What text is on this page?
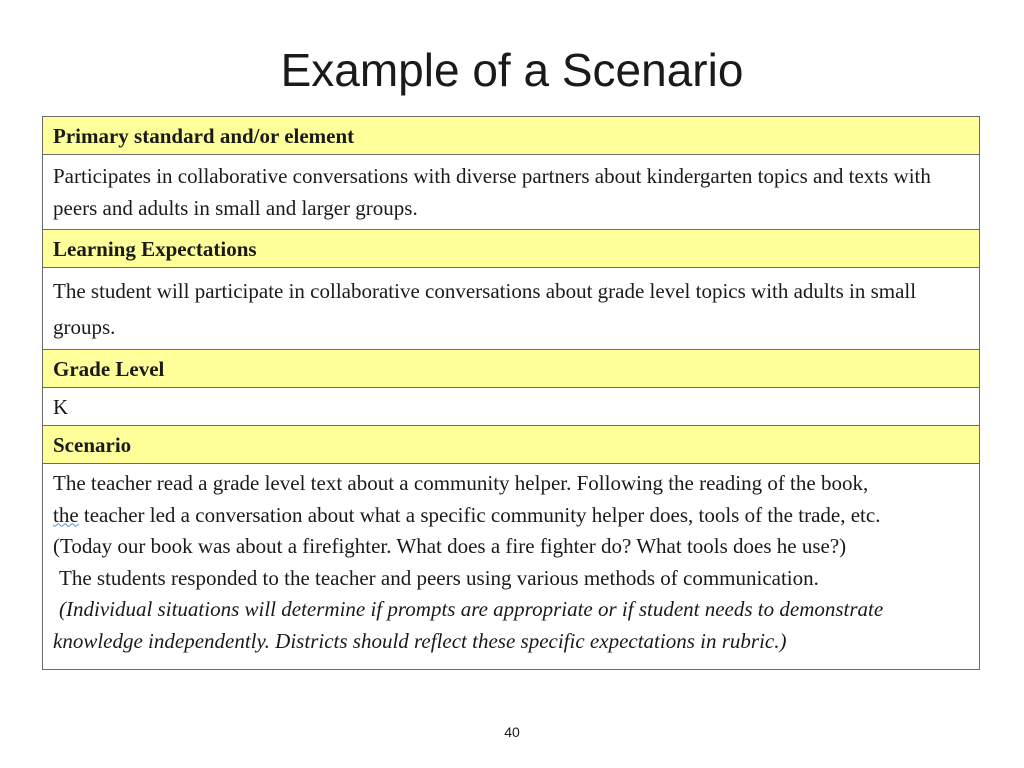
Example of a Scenario
Primary standard and/or element
Participates in collaborative conversations with diverse partners about kindergarten topics and texts with
peers and adults in small and larger groups.
Learning Expectations
The student will participate in collaborative conversations about grade level topics with adults in small
groups.
Grade Level
K
Scenario
The teacher read a grade level text about a community helper. Following the reading of the book,
the teacher led a conversation about what a specific community helper does, tools of the trade, etc.
(Today our book was about a firefighter. What does a fire fighter do? What tools does he use?)
The students responded to the teacher and peers using various methods of communication.
(Individual situations will determine if prompts are appropriate or if student needs to demonstrate
knowledge independently. Districts should reflect these specific expectations in rubric.)
40
